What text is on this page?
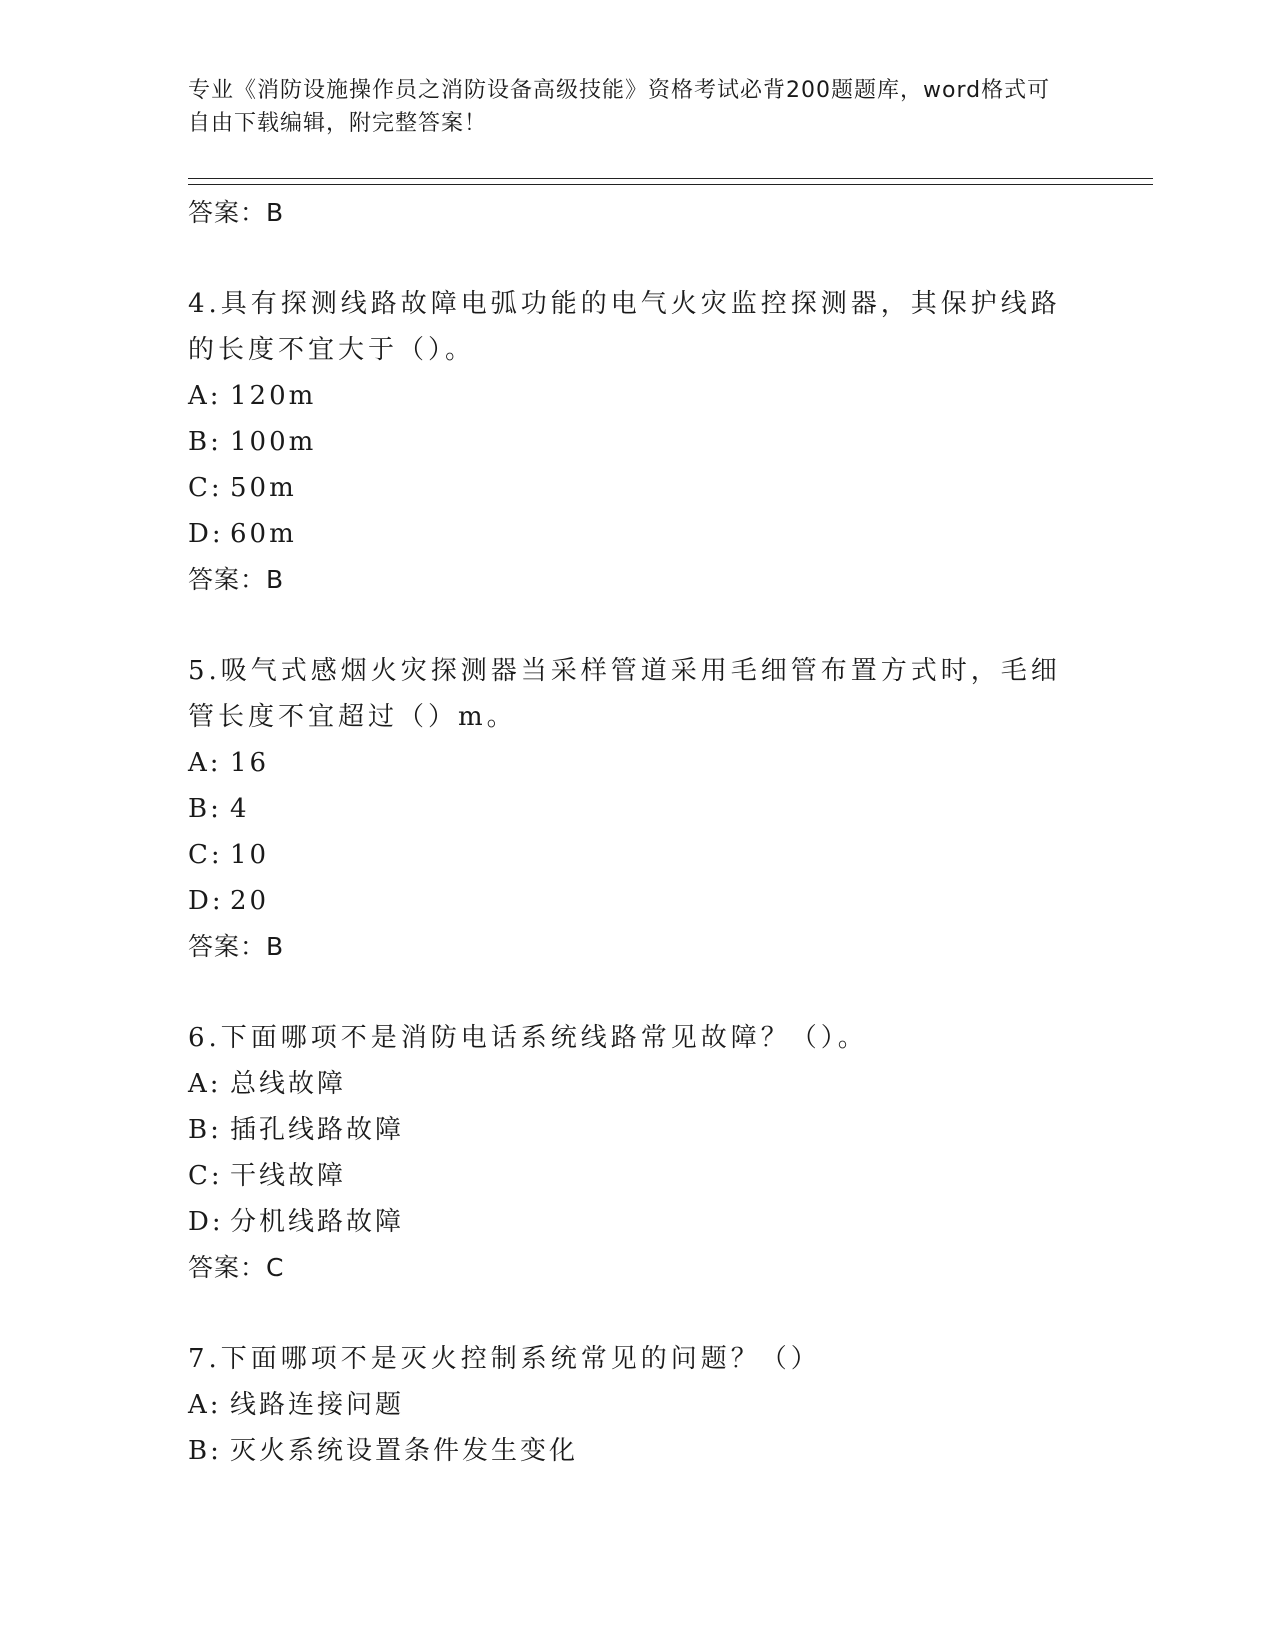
专业《消防设施操作员之消防设备高级技能》资格考试必背200题题库，word格式可自由下载编辑，附完整答案！
答案：B
4.具有探测线路故障电弧功能的电气火灾监控探测器，其保护线路的长度不宜大于（）。
A: 120m
B: 100m
C: 50m
D: 60m
答案：B
5.吸气式感烟火灾探测器当采样管道采用毛细管布置方式时，毛细管长度不宜超过（）m。
A: 16
B: 4
C: 10
D: 20
答案：B
6.下面哪项不是消防电话系统线路常见故障？（）。
A: 总线故障
B: 插孔线路故障
C: 干线故障
D: 分机线路故障
答案：C
7.下面哪项不是灭火控制系统常见的问题？（）
A: 线路连接问题
B: 灭火系统设置条件发生变化
